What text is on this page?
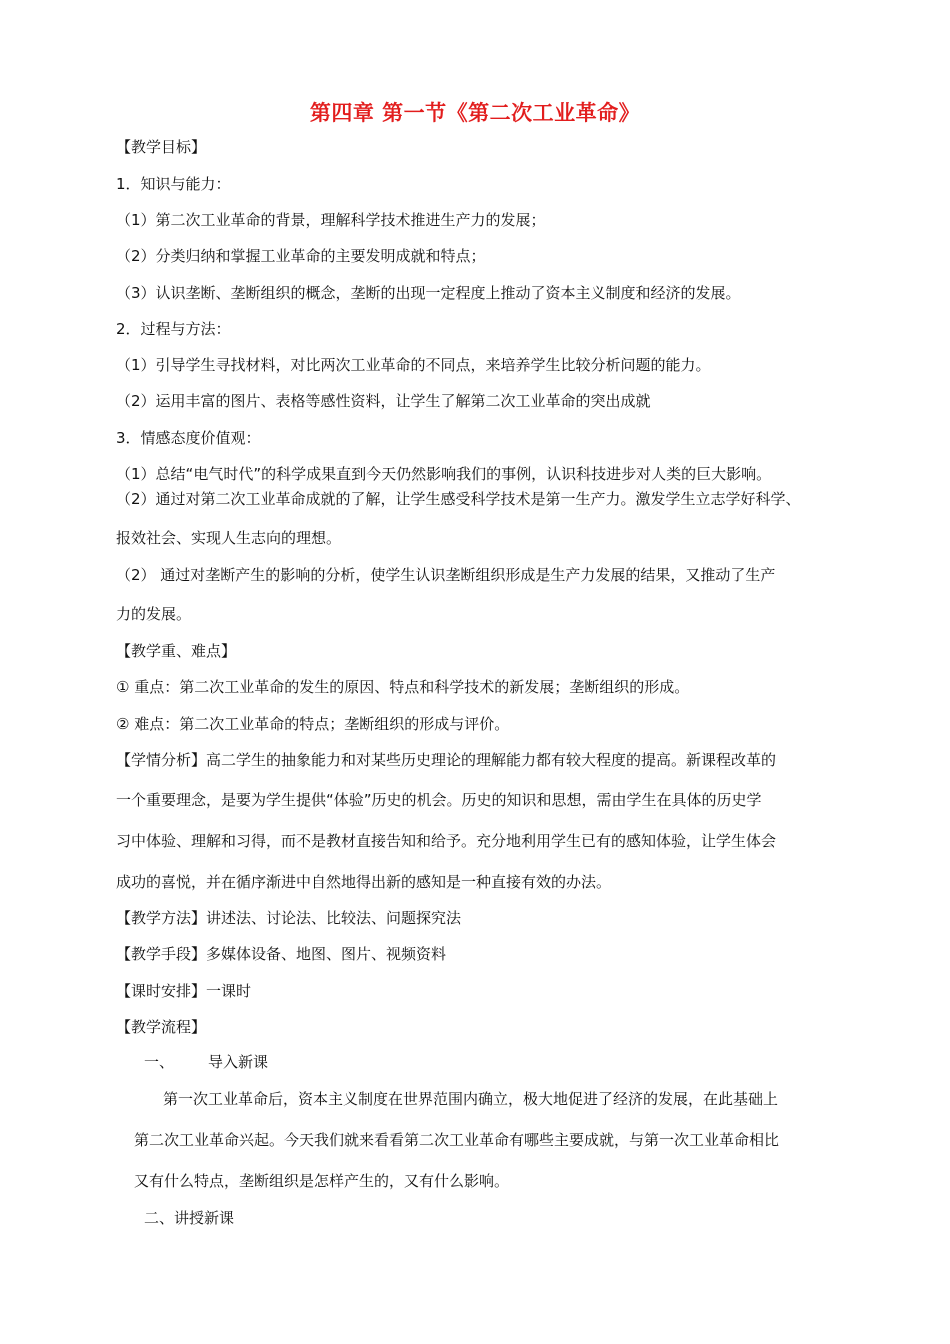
第四章 第一节《第二次工业革命》
【教学目标】
1．知识与能力：
（1）第二次工业革命的背景，理解科学技术推进生产力的发展；
（2）分类归纳和掌握工业革命的主要发明成就和特点；
（3）认识垄断、垄断组织的概念，垄断的出现一定程度上推动了资本主义制度和经济的发展。
2．过程与方法：
（1）引导学生寻找材料，对比两次工业革命的不同点，来培养学生比较分析问题的能力。
（2）运用丰富的图片、表格等感性资料，让学生了解第二次工业革命的突出成就
3．情感态度价值观：
（1）总结“电气时代”的科学成果直到今天仍然影响我们的事例，认识科技进步对人类的巨大影响。
（2）通过对第二次工业革命成就的了解，让学生感受科学技术是第一生产力。激发学生立志学好科学、
报效社会、实现人生志向的理想。
（2） 通过对垄断产生的影响的分析，使学生认识垄断组织形成是生产力发展的结果，又推动了生产
力的发展。
【教学重、难点】
① 重点：第二次工业革命的发生的原因、特点和科学技术的新发展；垄断组织的形成。
② 难点：第二次工业革命的特点；垄断组织的形成与评价。
【学情分析】高二学生的抽象能力和对某些历史理论的理解能力都有较大程度的提高。新课程改革的
一个重要理念，是要为学生提供“体验”历史的机会。历史的知识和思想，需由学生在具体的历史学
习中体验、理解和习得，而不是教材直接告知和给予。充分地利用学生已有的感知体验，让学生体会
成功的喜悦，并在循序渐进中自然地得出新的感知是一种直接有效的办法。
【教学方法】讲述法、讨论法、比较法、问题探究法
【教学手段】多媒体设备、地图、图片、视频资料
【课时安排】一课时
【教学流程】
一、 导入新课
第一次工业革命后，资本主义制度在世界范围内确立，极大地促进了经济的发展，在此基础上
第二次工业革命兴起。今天我们就来看看第二次工业革命有哪些主要成就，与第一次工业革命相比
又有什么特点，垄断组织是怎样产生的，又有什么影响。
二、讲授新课
